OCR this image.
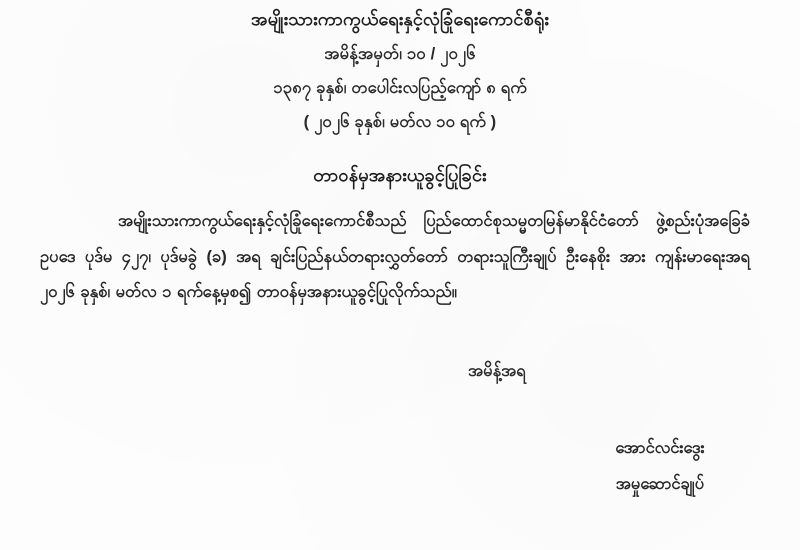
အမျိုးသားကာကွယ်ရေးနှင့်လုံခြုံရေးကောင်စီရုံး
အမိန့်အမှတ်၊ ၁၀ / ၂၀၂၆
၁၃၈၇ ခုနှစ်၊ တပေါင်းလပြည့်ကျော် ၈ ရက်
( ၂၀၂၆ ခုနှစ်၊ မတ်လ ၁၀ ရက် )
တာဝန်မှအနားယူခွင့်ပြုခြင်း
အမျိုးသားကာကွယ်ရေးနှင့်လုံခြုံရေးကောင်စီသည် ပြည်ထောင်စုသမ္မတမြန်မာနိုင်ငံတော် ဖွဲ့စည်းပုံအခြေခံဥပဒေ ပုဒ်မ ၄၂၇၊ ပုဒ်မခွဲ (ခ) အရ ချင်းပြည်နယ်တရားလွှတ်တော် တရားသူကြီးချုပ် ဦးနေစိုး အား ကျန်းမာရေးအရ ၂၀၂၆ ခုနှစ်၊ မတ်လ ၁ ရက်နေ့မှစ၍ တာဝန်မှအနားယူခွင့်ပြုလိုက်သည်။
အမိန့်အရ
အောင်လင်းဒွေး
အမှုဆောင်ချုပ်
